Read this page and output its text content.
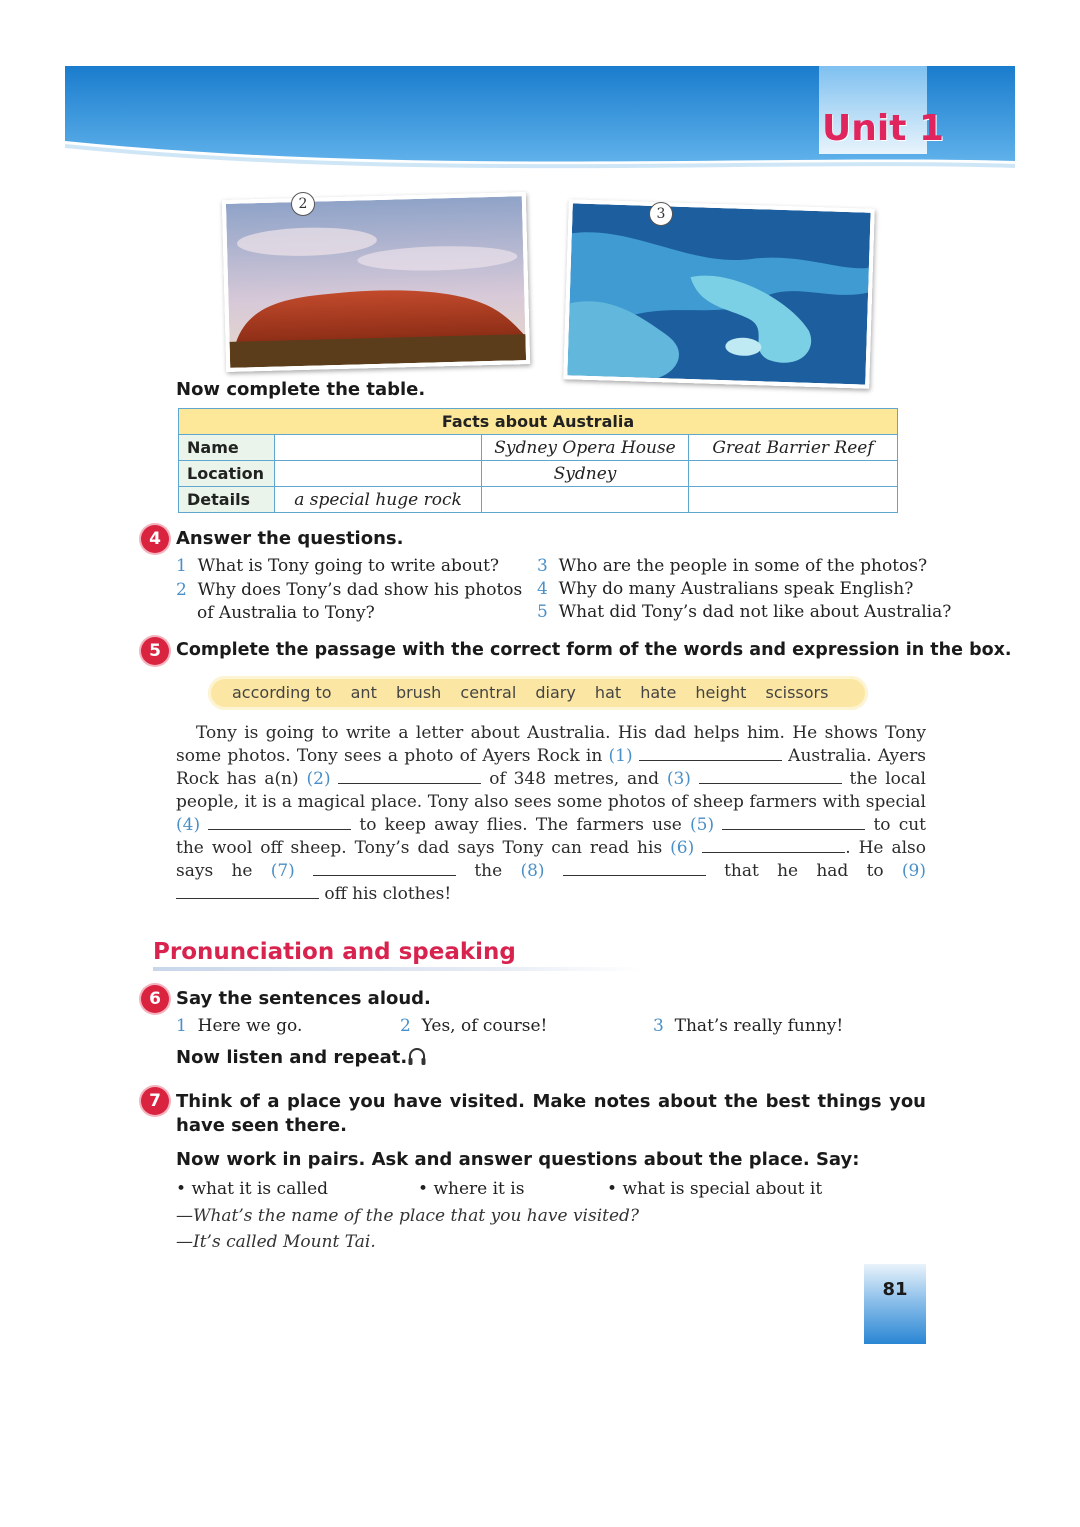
Unit 1
2
3
Now complete the table.
Facts about Australia			
Name		Sydney Opera House	Great Barrier Reef
Location		Sydney	
Details	a special huge rock		
4 Answer the questions.
1 What is Tony going to write about?
2 Why does Tony’s dad show his photos
of Australia to Tony?
3 Who are the people in some of the photos?
4 Why do many Australians speak English?
5 What did Tony’s dad not like about Australia?
5 Complete the passage with the correct form of the words and expression in the box.
according to ant brush central diary hat hate height scissors
Tony is going to write a letter about Australia. His dad helps him. He shows Tony some photos. Tony sees a photo of Ayers Rock in (1)	Australia. Ayers Rock has a(n) (2)	of 348 metres, and (3)	the local people, it is a magical place. Tony also sees some photos of sheep farmers with special (4)	to keep away flies. The farmers use (5)	to cut the wool off sheep. Tony’s dad says Tony can read his (6)	. He also says he (7)	the (8)	that he had to (9)  off his clothes!
Pronunciation and speaking
6 Say the sentences aloud.
1 Here we go.	2 Yes, of course!	3 That’s really funny!
Now listen and repeat.
7 Think of a place you have visited. Make notes about the best things you have seen there.
Now work in pairs. Ask and answer questions about the place. Say:
• what it is called	• where it is	• what is special about it
—What’s the name of the place that you have visited?
—It’s called Mount Tai.
81
